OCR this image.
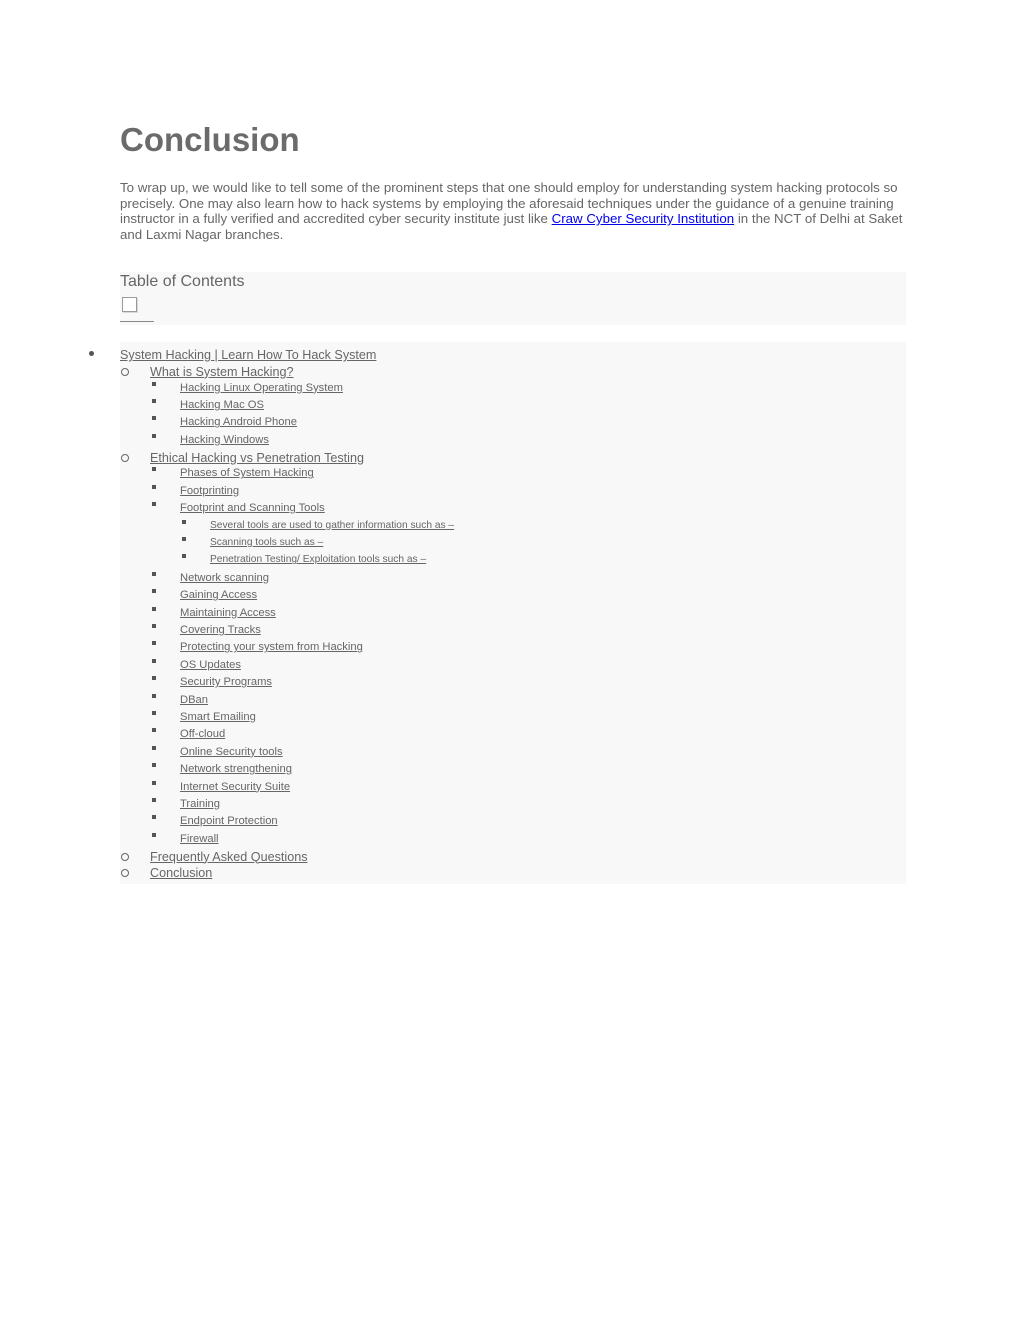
Conclusion

To wrap up, we would like to tell some of the prominent steps that one should employ for understanding system hacking protocols so precisely. One may also learn how to hack systems by employing the aforesaid techniques under the guidance of a genuine training instructor in a fully verified and accredited cyber security institute just like Craw Cyber Security Institution in the NCT of Delhi at Saket and Laxmi Nagar branches.

Table of Contents
System Hacking | Learn How To Hack System
What is System Hacking?
Hacking Linux Operating System
Hacking Mac OS
Hacking Android Phone
Hacking Windows
Ethical Hacking vs Penetration Testing
Phases of System Hacking
Footprinting
Footprint and Scanning Tools
Several tools are used to gather information such as –
Scanning tools such as –
Penetration Testing/ Exploitation tools such as –
Network scanning
Gaining Access
Maintaining Access
Covering Tracks
Protecting your system from Hacking
OS Updates
Security Programs
DBan
Smart Emailing
Off-cloud
Online Security tools
Network strengthening
Internet Security Suite
Training
Endpoint Protection
Firewall
Frequently Asked Questions
Conclusion
